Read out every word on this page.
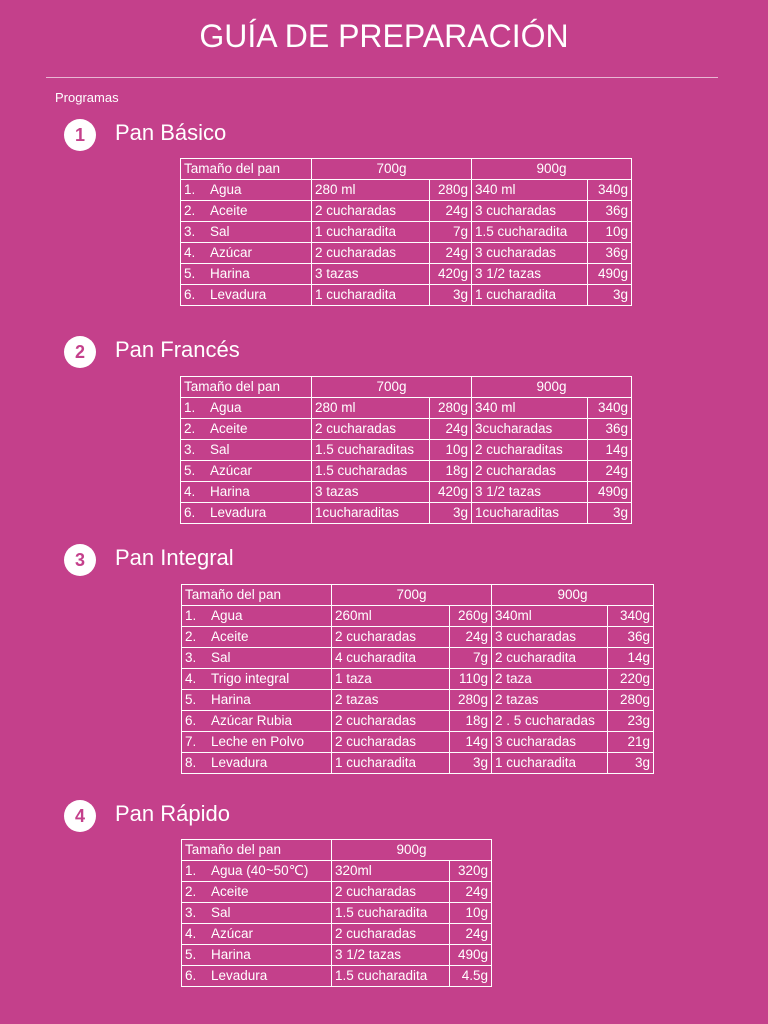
GUÍA DE PREPARACIÓN
Programas
1	Pan Básico
Tamaño del pan	700g		900g	
1. Agua	280 ml	280g	340 ml	340g
2. Aceite	2 cucharadas	24g	3 cucharadas	36g
3. Sal	1 cucharadita	7g	1.5 cucharadita	10g
4. Azúcar	2 cucharadas	24g	3 cucharadas	36g
5. Harina	3 tazas	420g	3 1/2 tazas	490g
6. Levadura	1 cucharadita	3g	1 cucharadita	3g
2	Pan Francés
Tamaño del pan	700g		900g	
1. Agua	280 ml	280g	340 ml	340g
2. Aceite	2 cucharadas	24g	3cucharadas	36g
3. Sal	1.5 cucharaditas	10g	2 cucharaditas	14g
5. Azúcar	1.5 cucharadas	18g	2 cucharadas	24g
4. Harina	3 tazas	420g	3 1/2 tazas	490g
6. Levadura	1cucharaditas	3g	1cucharaditas	3g
3	Pan Integral
Tamaño del pan	700g		900g	
1. Agua	260ml	260g	340ml	340g
2. Aceite	2 cucharadas	24g	3 cucharadas	36g
3. Sal	4 cucharadita	7g	2 cucharadita	14g
4. Trigo integral	1 taza	110g	2 taza	220g
5. Harina	2 tazas	280g	2 tazas	280g
6. Azúcar Rubia	2 cucharadas	18g	2 . 5 cucharadas	23g
7. Leche en Polvo	2 cucharadas	14g	3 cucharadas	21g
8. Levadura	1 cucharadita	3g	1 cucharadita	3g
4	Pan Rápido
Tamaño del pan	900g	
1. Agua (40~50℃)	320ml	320g
2. Aceite	2 cucharadas	24g
3. Sal	1.5 cucharadita	10g
4. Azúcar	2 cucharadas	24g
5. Harina	3 1/2 tazas	490g
6. Levadura	1.5 cucharadita	4.5g
